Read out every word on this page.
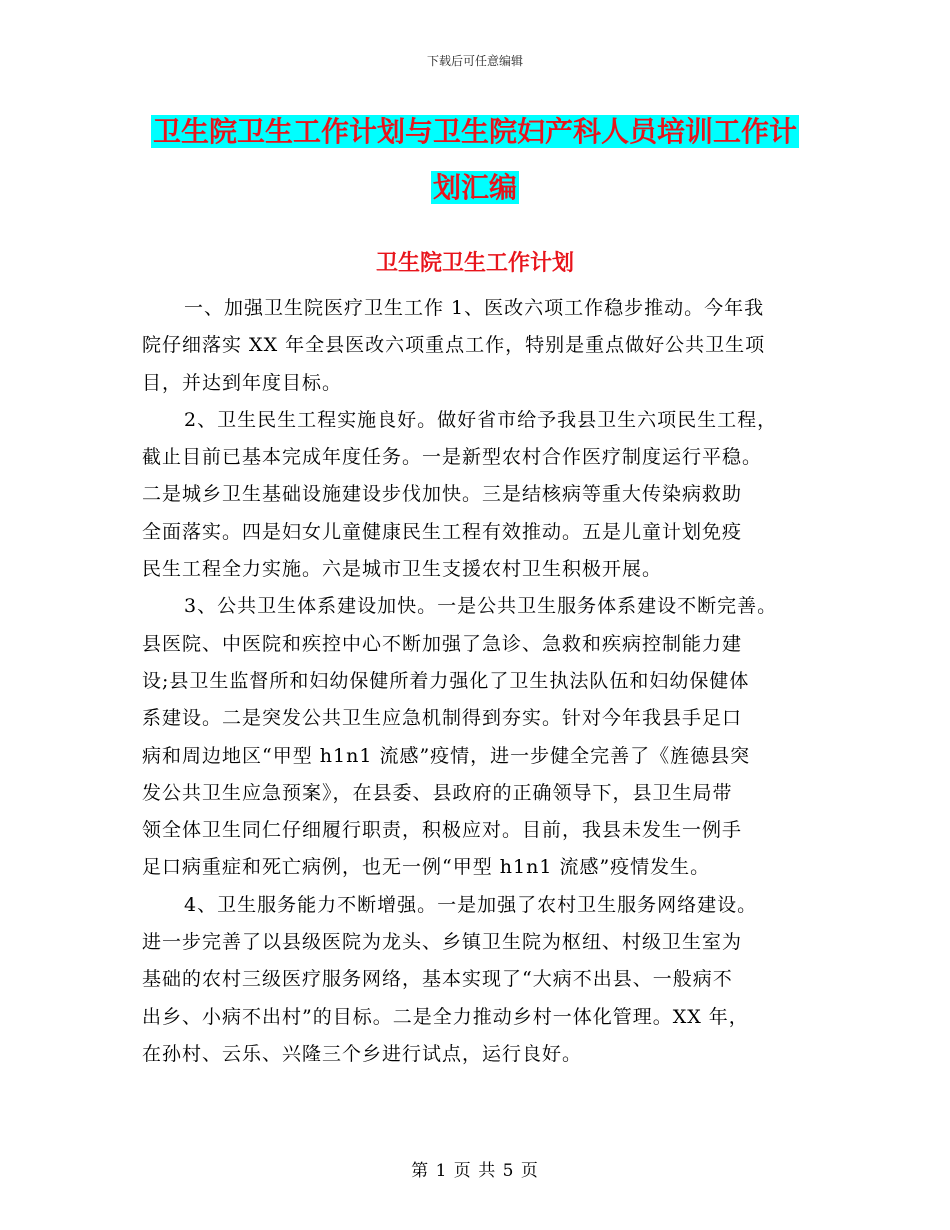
下载后可任意编辑
卫生院卫生工作计划与卫生院妇产科人员培训工作计
划汇编
卫生院卫生工作计划
一、加强卫生院医疗卫生工作 1、医改六项工作稳步推动。今年我
院仔细落实 XX 年全县医改六项重点工作，特别是重点做好公共卫生项
目，并达到年度目标。
2、卫生民生工程实施良好。做好省市给予我县卫生六项民生工程，
截止目前已基本完成年度任务。一是新型农村合作医疗制度运行平稳。
二是城乡卫生基础设施建设步伐加快。三是结核病等重大传染病救助
全面落实。四是妇女儿童健康民生工程有效推动。五是儿童计划免疫
民生工程全力实施。六是城市卫生支援农村卫生积极开展。
3、公共卫生体系建设加快。一是公共卫生服务体系建设不断完善。
县医院、中医院和疾控中心不断加强了急诊、急救和疾病控制能力建
设;县卫生监督所和妇幼保健所着力强化了卫生执法队伍和妇幼保健体
系建设。二是突发公共卫生应急机制得到夯实。针对今年我县手足口
病和周边地区“甲型 h1n1 流感”疫情，进一步健全完善了《旌德县突
发公共卫生应急预案》，在县委、县政府的正确领导下，县卫生局带
领全体卫生同仁仔细履行职责，积极应对。目前，我县未发生一例手
足口病重症和死亡病例，也无一例“甲型 h1n1 流感”疫情发生。
4、卫生服务能力不断增强。一是加强了农村卫生服务网络建设。
进一步完善了以县级医院为龙头、乡镇卫生院为枢纽、村级卫生室为
基础的农村三级医疗服务网络，基本实现了“大病不出县、一般病不
出乡、小病不出村”的目标。二是全力推动乡村一体化管理。XX 年，
在孙村、云乐、兴隆三个乡进行试点，运行良好。
第 1 页 共 5 页
